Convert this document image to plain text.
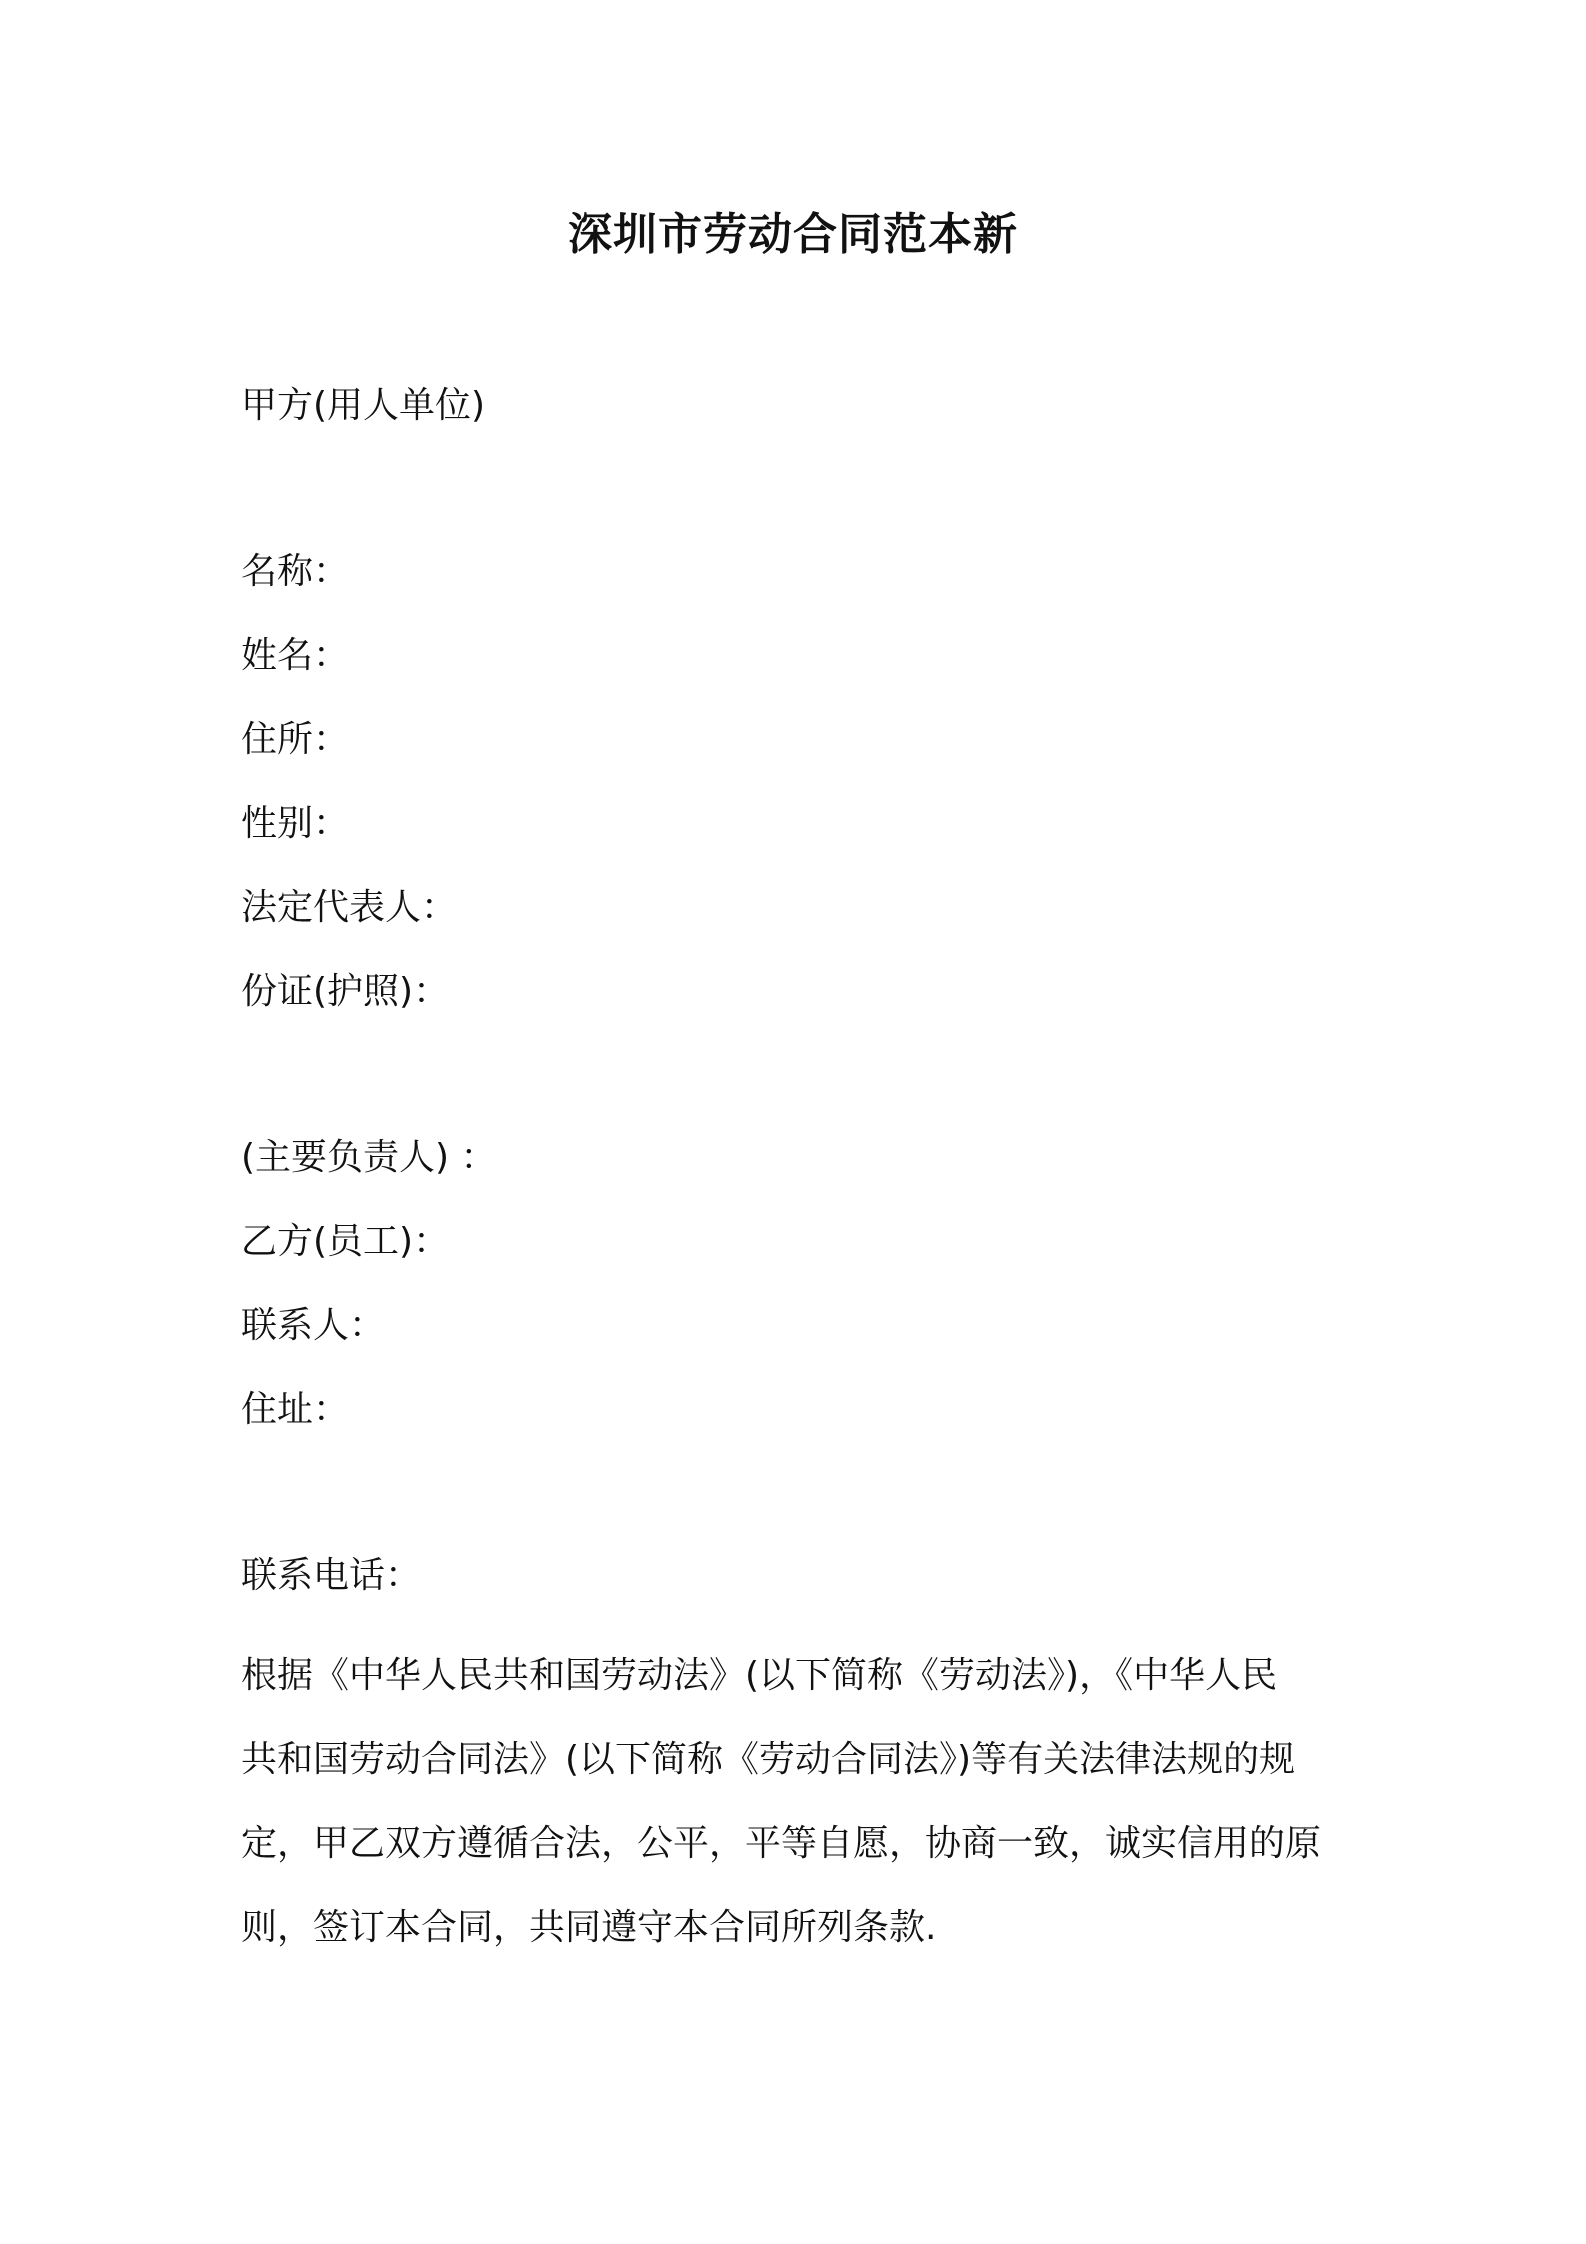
深圳市劳动合同范本新

甲方(用人单位)

名称：

姓名：

住所：

性别：

法定代表人：

份证(护照)：

(主要负责人) ：

乙方(员工)：

联系人：

住址：

联系电话：

根据《中华人民共和国劳动法》(以下简称《劳动法》)，《中华人民
共和国劳动合同法》(以下简称《劳动合同法》)等有关法律法规的规
定，甲乙双方遵循合法，公平，平等自愿，协商一致，诚实信用的原
则，签订本合同，共同遵守本合同所列条款.
